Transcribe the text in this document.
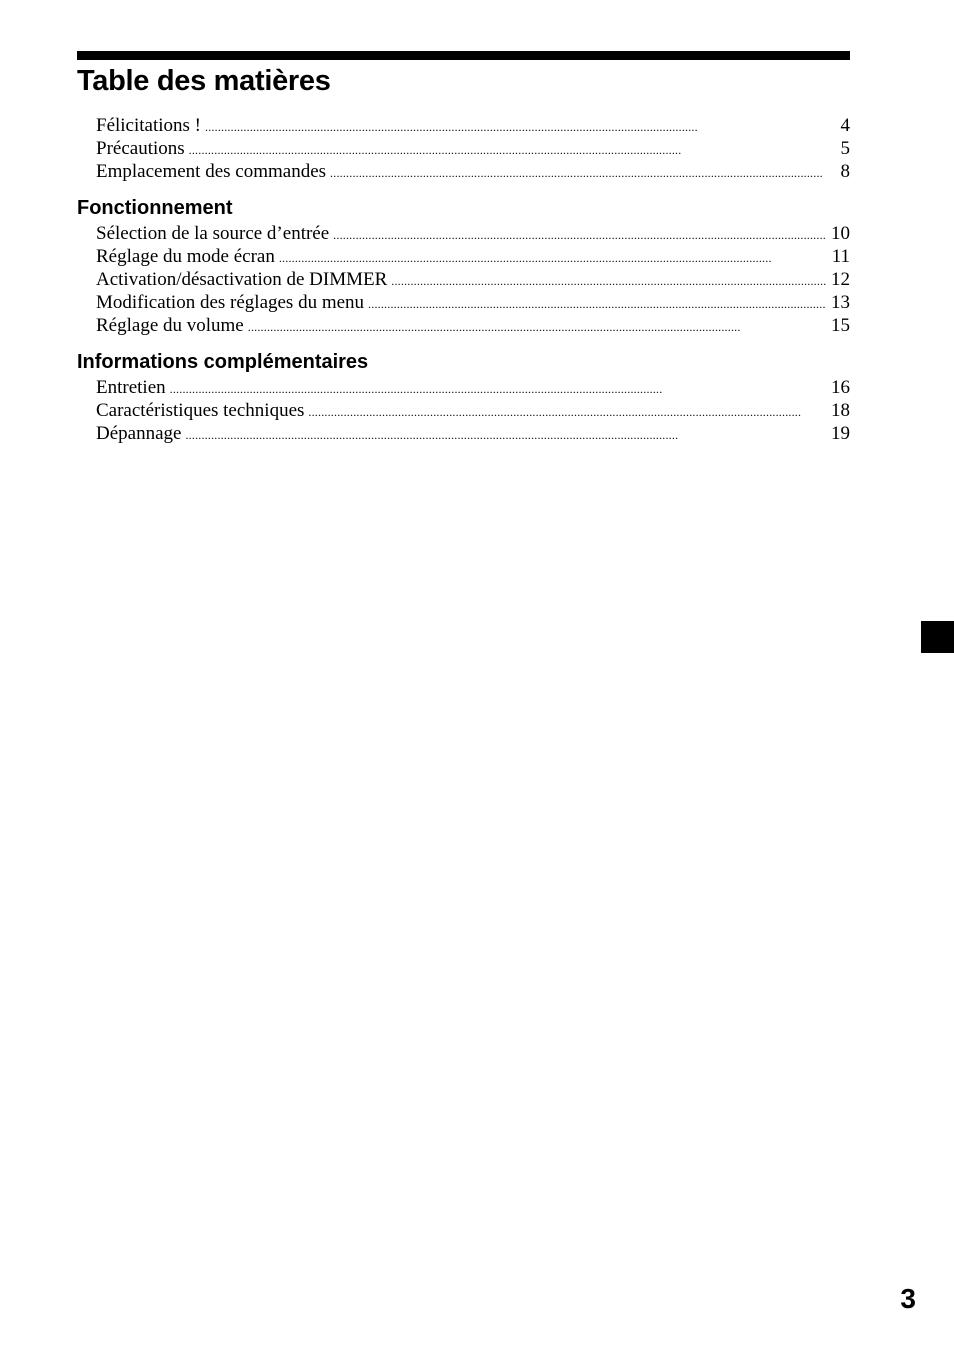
Table des matières
Félicitations ! . . .	4
Précautions . . .	5
Emplacement des commandes . . .	8
Fonctionnement
Sélection de la source d’entrée . . .	10
Réglage du mode écran . . .	11
Activation/désactivation de DIMMER . . .	12
Modification des réglages du menu . . .	13
Réglage du volume . . .	15
Informations complémentaires
Entretien . . .	16
Caractéristiques techniques . . .	18
Dépannage . . .	19
3
